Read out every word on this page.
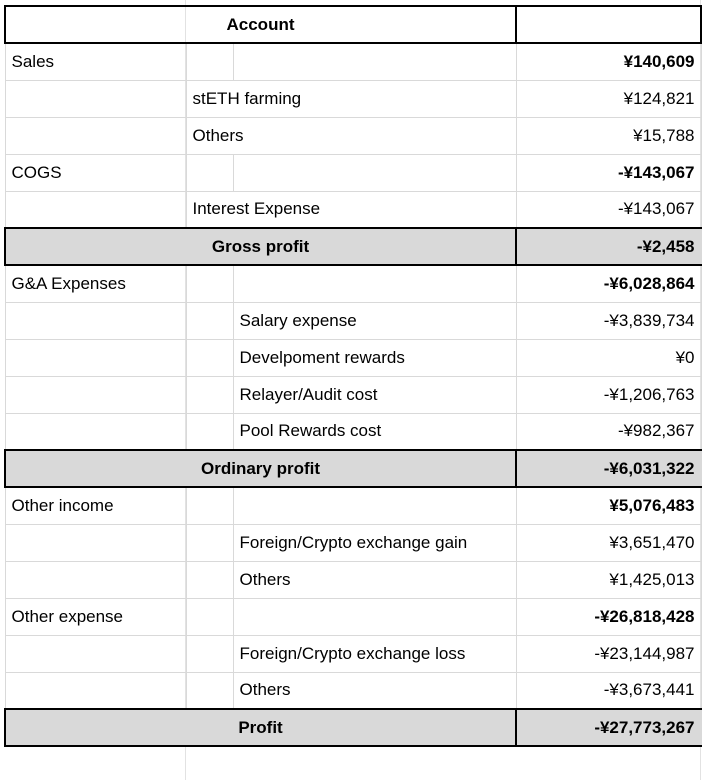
Account			
Sales			¥140,609
	stETH farming		¥124,821
	Others		¥15,788
COGS			-¥143,067
	Interest Expense		-¥143,067
Gross profit			-¥2,458
G&A Expenses			-¥6,028,864
		Salary expense	-¥3,839,734
		Develpoment rewards	¥0
		Relayer/Audit cost	-¥1,206,763
		Pool Rewards cost	-¥982,367
Ordinary profit			-¥6,031,322
Other income			¥5,076,483
		Foreign/Crypto exchange gain	¥3,651,470
		Others	¥1,425,013
Other expense			-¥26,818,428
		Foreign/Crypto exchange loss	-¥23,144,987
		Others	-¥3,673,441
Profit			-¥27,773,267
